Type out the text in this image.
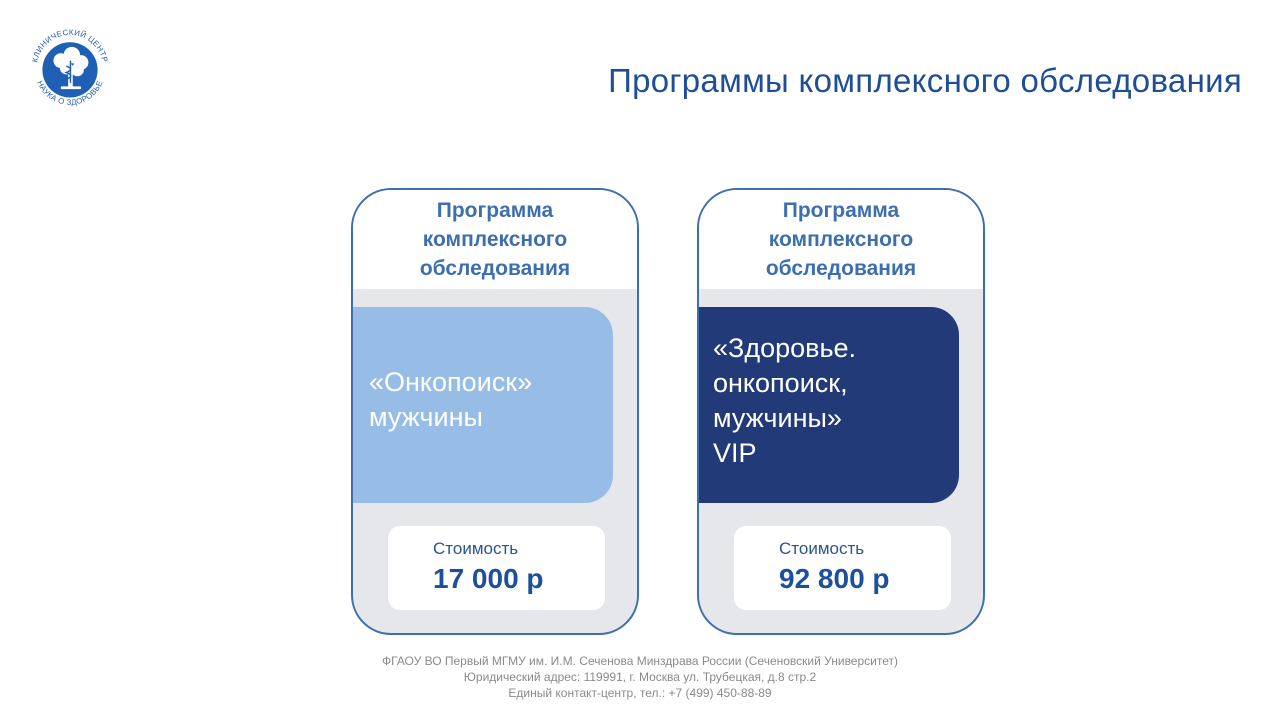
КЛИНИЧЕСКИЙ ЦЕНТР
НАУКА О ЗДОРОВЬЕ	Программы комплексного обследования
Программа
комплексного
обследования
«Онкопоиск»
мужчины
Стоимость
17 000 р
Программа
комплексного
обследования
«Здоровье.
онкопоиск,
мужчины»
VIP
Стоимость
92 800 р
ФГАОУ ВО Первый МГМУ им. И.М. Сеченова Минздрава России (Сеченовский Университет)
Юридический адрес: 119991, г. Москва ул. Трубецкая, д.8 стр.2
Единый контакт-центр, тел.: +7 (499) 450-88-89
